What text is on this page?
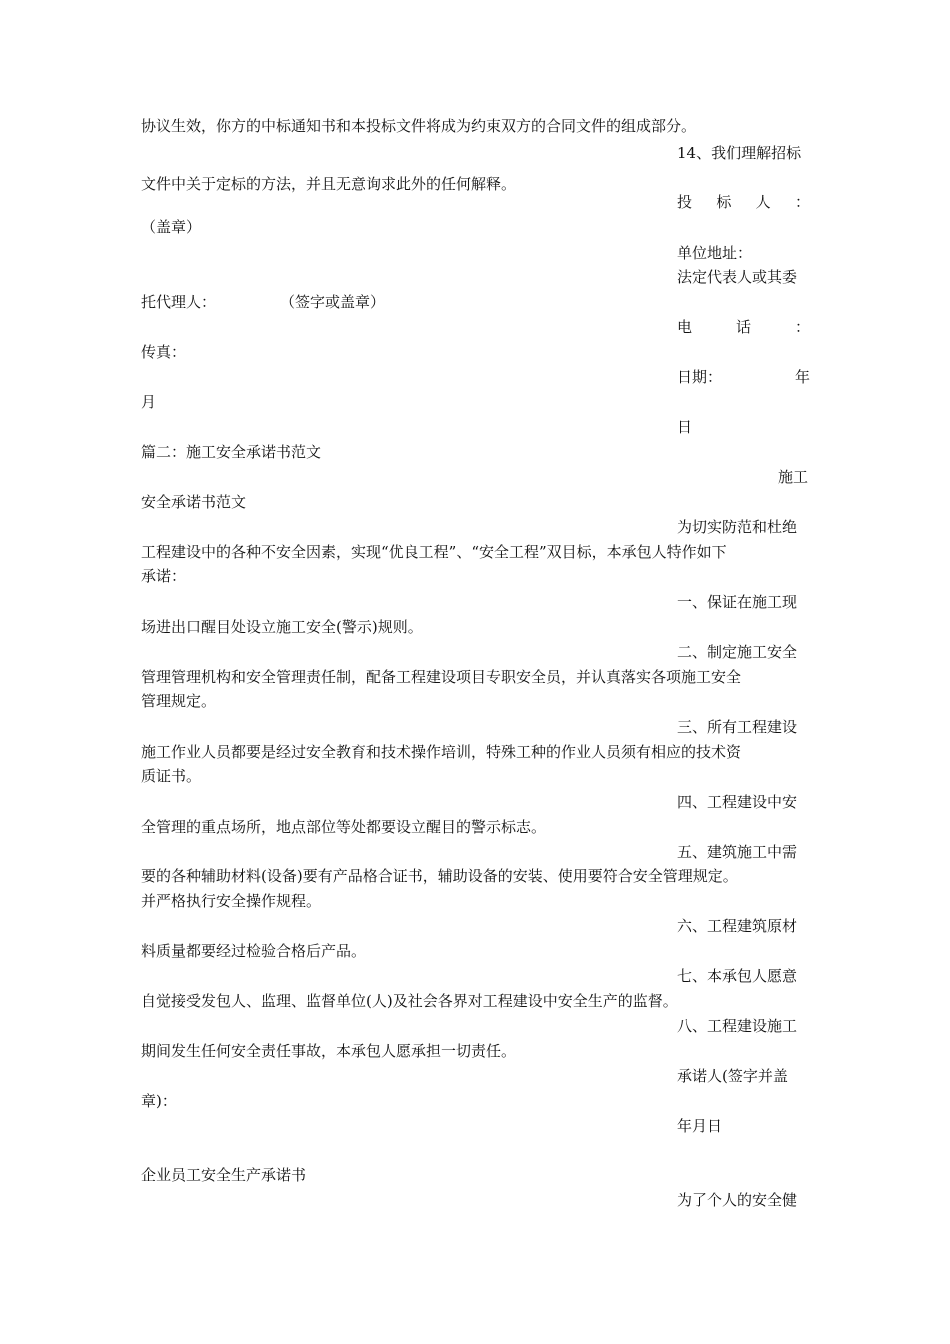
协议生效，你方的中标通知书和本投标文件将成为约束双方的合同文件的组成部分。
14、我们理解招标
文件中关于定标的方法，并且无意询求此外的任何解释。
投 标 人 ：
（盖章）
单位地址：
法定代表人或其委
托代理人：	（签字或盖章）
电	话	：
传真：
日期：	年
月
日
篇二：施工安全承诺书范文
施工
安全承诺书范文
为切实防范和杜绝
工程建设中的各种不安全因素，实现“优良工程”、“安全工程”双目标，本承包人特作如下
承诺：
一、保证在施工现
场进出口醒目处设立施工安全(警示)规则。
二、制定施工安全
管理管理机构和安全管理责任制，配备工程建设项目专职安全员，并认真落实各项施工安全
管理规定。
三、所有工程建设
施工作业人员都要是经过安全教育和技术操作培训，特殊工种的作业人员须有相应的技术资
质证书。
四、工程建设中安
全管理的重点场所，地点部位等处都要设立醒目的警示标志。
五、建筑施工中需
要的各种辅助材料(设备)要有产品格合证书，辅助设备的安装、使用要符合安全管理规定。
并严格执行安全操作规程。
六、工程建筑原材
料质量都要经过检验合格后产品。
七、本承包人愿意
自觉接受发包人、监理、监督单位(人)及社会各界对工程建设中安全生产的监督。
八、工程建设施工
期间发生任何安全责任事故，本承包人愿承担一切责任。
承诺人(签字并盖
章)：
年月日
企业员工安全生产承诺书
为了个人的安全健
